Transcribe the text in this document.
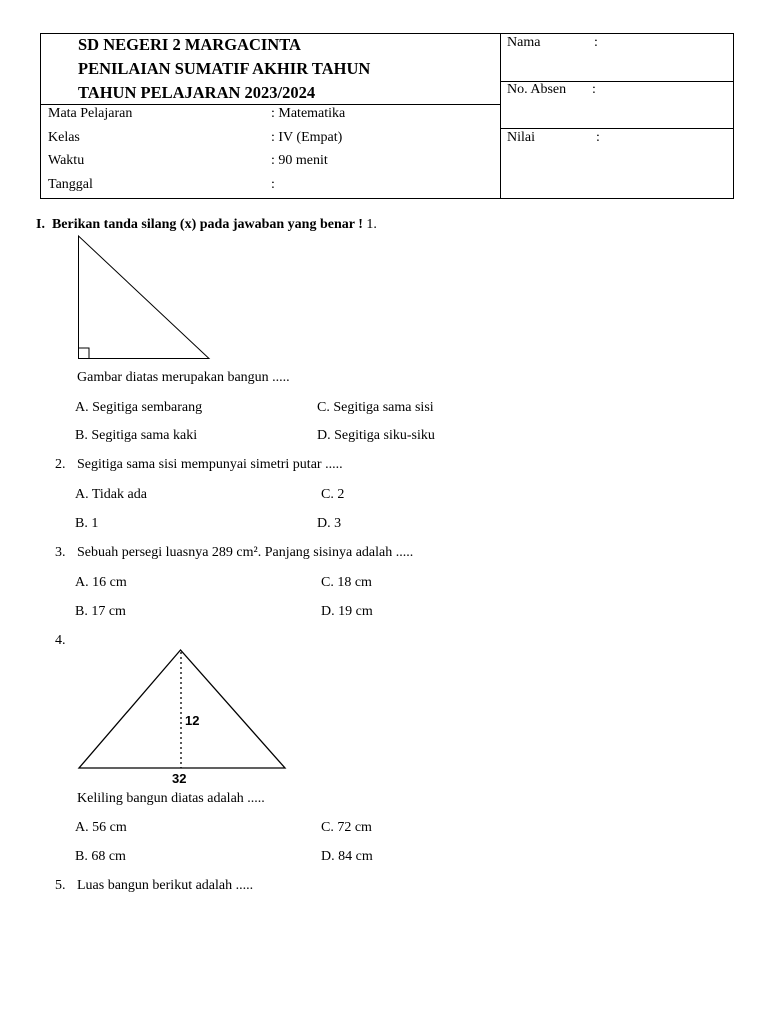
SD NEGERI 2 MARGACINTA
PENILAIAN SUMATIF AKHIR TAHUN
TAHUN PELAJARAN 2023/2024
Mata Pelajaran	: Matematika
Kelas	: IV (Empat)
Waktu	: 90 menit
Tanggal	:
Nama	:
No. Absen :
Nilai	:
I. Berikan tanda silang (x) pada jawaban yang benar ! 1.
Gambar diatas merupakan bangun .....
A. Segitiga sembarang	C. Segitiga sama sisi
B. Segitiga sama kaki	D. Segitiga siku-siku
2. Segitiga sama sisi mempunyai simetri putar .....
A. Tidak ada	C. 2
B. 1	D. 3
3. Sebuah persegi luasnya 289 cm². Panjang sisinya adalah .....
A. 16 cm	C. 18 cm
B. 17 cm	D. 19 cm
4.
12
32
Keliling bangun diatas adalah .....
A. 56 cm	C. 72 cm
B. 68 cm	D. 84 cm
5. Luas bangun berikut adalah .....
